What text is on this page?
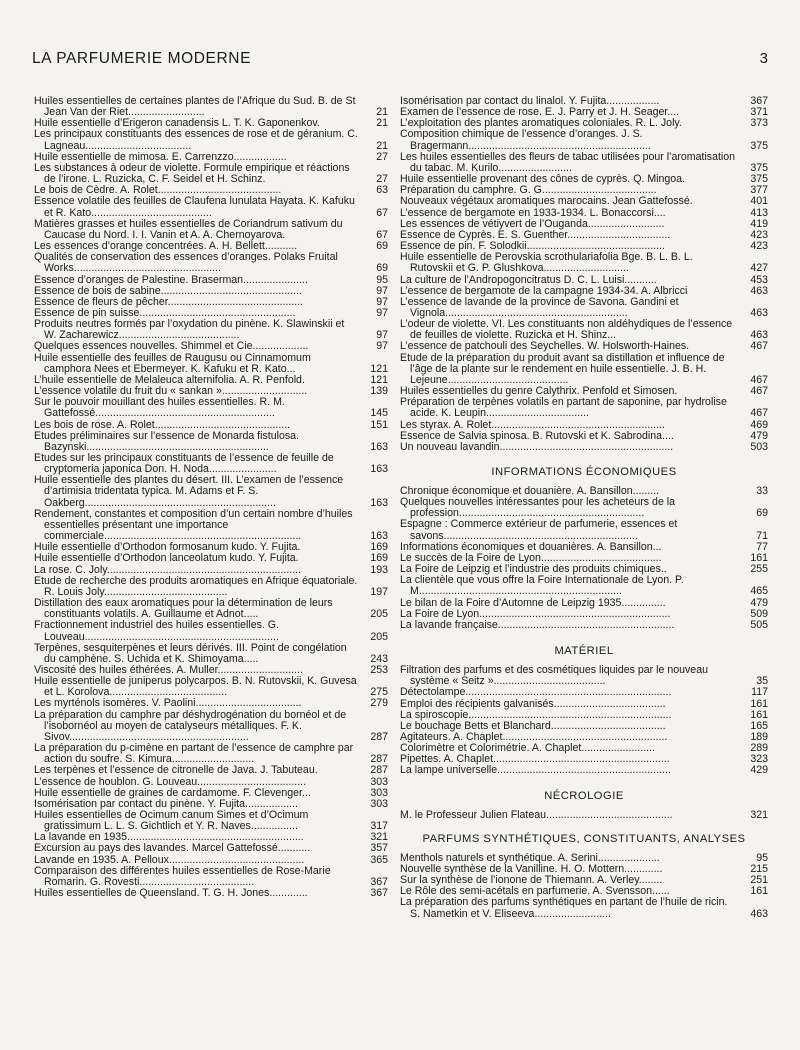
LA PARFUMERIE MODERNE	3
Huiles essentielles de certaines plantes de l’Afrique du Sud. B. de St Jean Van der Riet..........................	21
Huile essentielle d’Erigeron canadensis L. T. K. Gaponenkov.	21
Les principaux constituants des essences de rose et de géranium. C. Lagneau....................................	21
Huile essentielle de mimosa. E. Carrenzzo..................	27
Les substances à odeur de violette. Formule empirique et réactions de l’irone. L. Ruzicka, C. F. Seidel et H. Schinz.	27
Le bois de Cèdre. A. Rolet..........................................	63
Essence volatile des feuilles de Claufena lunulata Hayata. K. Kafuku et R. Kato.........................................	67
Matières grasses et huiles essentielles de Coriandrum sativum du Caucase du Nord. I. I. Vanin et A. A. Chernoyarova.	67
Les essences d’orange concentrées. A. H. Bellett...........	69
Qualités de conservation des essences d’oranges. Polaks Fruital Works..................................................	69
Essence d’oranges de Palestine. Braserman......................	95
Essence de bois de sabine................................................	97
Essence de fleurs de pêcher..............................................	97
Essence de pin suisse.....................................................	97
Produits neutres formés par l’oxydation du pinène. K. Slawinskii et W. Zacharewicz.........................................	97
Quelques essences nouvelles. Shimmel et Cie...................	97
Huile essentielle des feuilles de Raugusu ou Cinnamomum camphora Nees et Ebermeyer. K. Kafuku et R. Kato...	121
L’huile essentielle de Melaleuca alternifolia. A. R. Penfold.	121
L’essence volatile du fruit du « sankan ».............................	139
Sur le pouvoir mouillant des huiles essentielles. R. M. Gattefossé.............................................................	145
Les bois de rose. A. Rolet..............................................	151
Etudes préliminaires sur l’essence de Monarda fistulosa. Bazynski..............................................................	163
Etudes sur les principaux constituants de l’essence de feuille de cryptomeria japonica Don. H. Noda.......................	163
Huile essentielle des plantes du désert. III. L’examen de l’essence d’artimisia tridentata typica. M. Adams et F. S. Oakberg.................................................................	163
Rendement, constantes et composition d’un certain nombre d’huiles essentielles présentant une importance commerciale...................................................................	163
Huile essentielle d’Orthodon formosanum kudo. Y. Fujita.	169
Huile essentielle d’Orthodon lanceolatum kudo. Y. Fujita.	169
La rose. C. Joly..................................................................	193
Etude de recherche des produits aromatiques en Afrique équatoriale. R. Louis Joly..........................................	197
Distillation des eaux aromatiques pour la détermination de leurs constituants volatils. A. Guillaume et Adnot.....	205
Fractionnement industriel des huiles essentielles. G. Louveau..................................................................	205
Terpènes, sesquiterpènes et leurs dérivés. III. Point de congélation du camphène. S. Uchida et K. Shimoyama.....	243
Viscosité des huiles éthérées. A. Muller.............................	253
Huile essentielle de juniperus polycarpos. B. N. Rutovskii, K. Guvesa et L. Korolova........................................	275
Les myrténols isomères. V. Paolini....................................	279
La préparation du camphre par déshydrogénation du bornéol et de l’isobornéol au moyen de catalyseurs métalliques. F. K. Sivov.............................................................	287
La préparation du p-cimène en partant de l’essence de camphre par action du soufre. S. Kimura............................	287
Les terpènes et l’essence de citronelle de Java. J. Tabuteau.	287
L’essence de houblon. G. Louveau.....................................	303
Huile essentielle de graines de cardamome. F. Clevenger...	303
Isomérisation par contact du pinène. Y. Fujita..................	303
Huiles essentielles de Ocimum canum Simes et d’Ocimum gratissimum L. L. S. Gichtlich et Y. R. Naves................	317
La lavande en 1935............................................................	321
Excursion au pays des lavandes. Marcel Gattefossé...........	357
Lavande en 1935. A. Pelloux..............................................	365
Comparaison des différentes huiles essentielles de Rose-Marie Romarin. G. Rovesti.......................................	367
Huiles essentielles de Queensland. T. G. H. Jones.............	367
Isomérisation par contact du linalol. Y. Fujita..................	367
Examen de l’essence de rose. E. J. Parry et J. H. Seager....	371
L’exploitation des plantes aromatiques coloniales. R. L. Joly.	373
Composition chimique de l’essence d’oranges. J. S. Bragermann..............................................................	375
Les huiles essentielles des fleurs de tabac utilisées pour l’aromatisation du tabac. M. Kurilo.........................	375
Huile essentielle provenant des cônes de cyprès. Q. Mingoa.	375
Préparation du camphre. G. G.......................................	377
Nouveaux végétaux aromatiques marocains. Jean Gattefossé.	401
L’essence de bergamote en 1933-1934. L. Bonaccorsi....	413
Les essences de vétiyvert de l’Ouganda..........................	419
Essence de Cyprès. E. S. Guenther...................................	423
Essence de pin. F. Solodkii...............................................	423
Huile essentielle de Perovskia scrothulariafolia Bge. B. L. B. L. Rutovskii et G. P. Glushkova.............................	427
La culture de l’Andropogoncitratus D. C. L. Luisi...........	453
L’essence de bergamote de la campagne 1934-34. A. Albricci	463
L’essence de lavande de la province de Savona. Gandini et Vignola..............................................................	463
L’odeur de violette. VI. Les constituants non aldéhydiques de l’essence de feuilles de violette. Ruzicka et H. Shinz...	463
L’essence de patchouli des Seychelles. W. Holsworth-Haines.	467
Etude de la préparation du produit avant sa distillation et influence de l’âge de la plante sur le rendement en huile essentielle. J. B. H. Lejeune.........................................	467
Huiles essentielles du genre Calythrix. Penfold et Simosen.	467
Préparation de terpènes volatils en partant de saponine, par hydrolise acide. K. Leupin...................................	467
Les styrax. A. Rolet...........................................................	469
Essence de Salvia spinosa. B. Rutovski et K. Sabrodina....	479
Un nouveau lavandin...........................................................	503
INFORMATIONS ÉCONOMIQUES
Chronique économique et douanière. A. Bansillon.........	33
Quelques nouvelles intéressantes pour les acheteurs de la profession...............................................................	69
Espagne : Commerce extérieur de parfumerie, essences et savons..................................................................	71
Informations économiques et douanières. A. Bansillon...	77
Le succès de la Foire de Lyon.........................................	161
La Foire de Leipzig et l’industrie des produits chimiques..	255
La clientèle que vous offre la Foire Internationale de Lyon. P. M.....................................................................	465
Le bilan de la Foire d’Automne de Leipzig 1935...............	479
La Foire de Lyon.................................................................	509
La lavande française............................................................	505
MATÉRIEL
Filtration des parfums et des cosmétiques liquides par le nouveau système « Seitz »......................................	35
Détectolampe......................................................................	117
Emploi des récipients galvanisés......................................	161
La spiroscopie.....................................................................	161
Le bouchage Betts et Blanchard.......................................	165
Agitateurs. A. Chaplet........................................................	189
Colorimètre et Colorimétrie. A. Chaplet.........................	289
Pipettes. A. Chaplet............................................................	323
La lampe universelle...........................................................	429
NÉCROLOGIE
M. le Professeur Julien Flateau...........................................	321
PARFUMS SYNTHÉTIQUES, CONSTITUANTS, ANALYSES
Menthols naturels et synthétique. A. Serini.....................	95
Nouvelle synthèse de la Vanilline. H. O. Mottern.............	215
Sur la synthèse de l’ionone de Thiemann. A. Verley........	251
Le Rôle des semi-acétals en parfumerie. A. Svensson......	161
La préparation des parfums synthétiques en partant de l’huile de ricin. S. Nametkin et V. Eliseeva..........................	463
